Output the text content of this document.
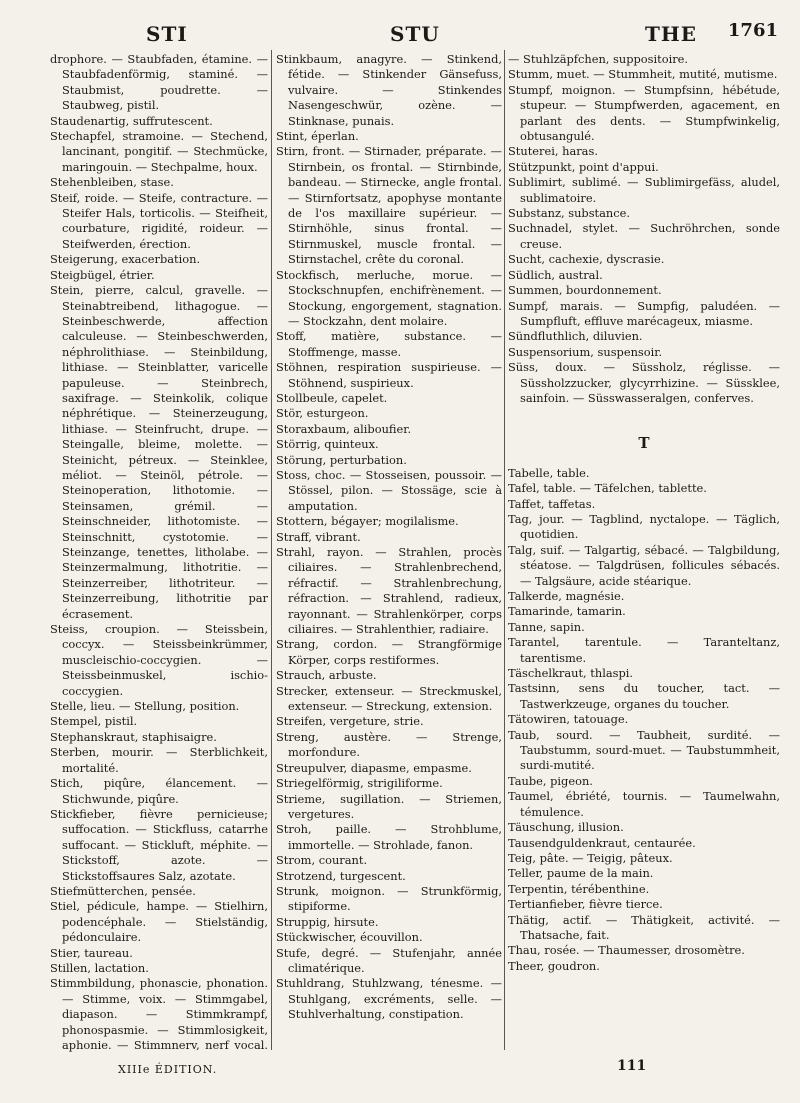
STI	STU	THE 1761

drophore. — Staubfaden, étamine. — Staubfadenförmig, staminé. — Staubmist, poudrette. — Staubweg, pistil.

Staudenartig, suffrutescent.

Stechapfel, stramoine. — Stechend, lancinant, pongitif. — Stechmücke, maringouin. — Stechpalme, houx.

Stehenbleiben, stase.

Steif, roide. — Steife, contracture. — Steifer Hals, torticolis. — Steifheit, courbature, rigidité, roideur. — Steifwerden, érection.

Steigerung, exacerbation.

Steigbügel, étrier.

Stein, pierre, calcul, gravelle. — Steinabtreibend, lithagogue. — Steinbeschwerde, affection calculeuse. — Steinbeschwerden, néphrolithiase. — Steinbildung, lithiase. — Steinblatter, varicelle papuleuse. — Steinbrech, saxifrage. — Steinkolik, colique néphrétique. — Steinerzeugung, lithiase. — Steinfrucht, drupe. — Steingalle, bleime, molette. — Steinicht, pétreux. — Steinklee, méliot. — Steinöl, pétrole. — Steinoperation, lithotomie. — Steinsamen, grémil. — Steinschneider, lithotomiste. — Steinschnitt, cystotomie. — Steinzange, tenettes, litholabe. — Steinzermalmung, lithotritie. — Steinzerreiber, lithotriteur. — Steinzerreibung, lithotritie par écrasement.

Steiss, croupion. — Steissbein, coccyx. — Steissbeinkrümmer, muscleischio-coccygien. — Steissbeinmuskel, ischio-coccygien.

Stelle, lieu. — Stellung, position.

Stempel, pistil.

Stephanskraut, staphisaigre.

Sterben, mourir. — Sterblichkeit, mortalité.

Stich, piqûre, élancement. — Stichwunde, piqûre.

Stickfieber, fièvre pernicieuse; suffocation. — Stickfluss, catarrhe suffocant. — Stickluft, méphite. — Stickstoff, azote. — Stickstoffsaures Salz, azotate.

Stiefmütterchen, pensée.

Stiel, pédicule, hampe. — Stielhirn, podencéphale. — Stielständig, pédonculaire.

Stier, taureau.

Stillen, lactation.

Stimmbildung, phonascie, phonation. — Stimme, voix. — Stimmgabel, diapason. — Stimmkrampf, phonospasmie. — Stimmlosigkeit, aphonie. — Stimmnerv, nerf vocal.

Stinkbaum, anagyre. — Stinkend, fétide. — Stinkender Gänsefuss, vulvaire. — Stinkendes Nasengeschwür, ozène. — Stinknase, punais.

Stint, éperlan.

Stirn, front. — Stirnader, préparate. — Stirnbein, os frontal. — Stirnbinde, bandeau. — Stirnecke, angle frontal. — Stirnfortsatz, apophyse montante de l'os maxillaire supérieur. — Stirnhöhle, sinus frontal. — Stirnmuskel, muscle frontal. — Stirnstachel, crête du coronal.

Stockfisch, merluche, morue. — Stockschnupfen, enchifrènement. — Stockung, engorgement, stagnation. — Stockzahn, dent molaire.

Stoff, matière, substance. — Stoffmenge, masse.

Stöhnen, respiration suspirieuse. — Stöhnend, suspirieux.

Stollbeule, capelet.

Stör, esturgeon.

Storaxbaum, aliboufier.

Störrig, quinteux.

Störung, perturbation.

Stoss, choc. — Stosseisen, poussoir. — Stössel, pilon. — Stossäge, scie à amputation.

Stottern, bégayer; mogilalisme.

Straff, vibrant.

Strahl, rayon. — Strahlen, procès ciliaires. — Strahlenbrechend, réfractif. — Strahlenbrechung, réfraction. — Strahlend, radieux, rayonnant. — Strahlenkörper, corps ciliaires. — Strahlenthier, radiaire.

Strang, cordon. — Strangförmige Körper, corps restiformes.

Strauch, arbuste.

Strecker, extenseur. — Streckmuskel, extenseur. — Streckung, extension.

Streifen, vergeture, strie.

Streng, austère. — Strenge, morfondure.

Streupulver, diapasme, empasme.

Striegelförmig, strigiliforme.

Strieme, sugillation. — Striemen, vergetures.

Stroh, paille. — Strohblume, immortelle. — Strohlade, fanon.

Strom, courant.

Strotzend, turgescent.

Strunk, moignon. — Strunkförmig, stipiforme.

Struppig, hirsute.

Stückwischer, écouvillon.

Stufe, degré. — Stufenjahr, année climatérique.

Stuhldrang, Stuhlzwang, ténesme. — Stuhlgang, excréments, selle. — Stuhlverhaltung, constipation.

— Stuhlzäpfchen, suppositoire.

Stumm, muet. — Stummheit, mutité, mutisme.

Stumpf, moignon. — Stumpfsinn, hébétude, stupeur. — Stumpfwerden, agacement, en parlant des dents. — Stumpfwinkelig, obtusangulé.

Stuterei, haras.

Stützpunkt, point d'appui.

Sublimirt, sublimé. — Sublimirgefäss, aludel, sublimatoire.

Substanz, substance.

Suchnadel, stylet. — Suchröhrchen, sonde creuse.

Sucht, cachexie, dyscrasie.

Südlich, austral.

Summen, bourdonnement.

Sumpf, marais. — Sumpfig, paludéen. — Sumpfluft, effluve marécageux, miasme.

Sündfluthlich, diluvien.

Suspensorium, suspensoir.

Süss, doux. — Süssholz, réglisse. — Süssholzzucker, glycyrrhizine. — Süssklee, sainfoin. — Süsswasseralgen, conferves.

T

Tabelle, table.

Tafel, table. — Täfelchen, tablette.

Taffet, taffetas.

Tag, jour. — Tagblind, nyctalope. — Täglich, quotidien.

Talg, suif. — Talgartig, sébacé. — Talgbildung, stéatose. — Talgdrüsen, follicules sébacés. — Talgsäure, acide stéarique.

Talkerde, magnésie.

Tamarinde, tamarin.

Tanne, sapin.

Tarantel, tarentule. — Taranteltanz, tarentisme.

Täschelkraut, thlaspi.

Tastsinn, sens du toucher, tact. — Tastwerkzeuge, organes du toucher.

Tätowiren, tatouage.

Taub, sourd. — Taubheit, surdité. — Taubstumm, sourd-muet. — Taubstummheit, surdi-mutité.

Taube, pigeon.

Taumel, ébriété, tournis. — Taumelwahn, témulence.

Täuschung, illusion.

Tausendguldenkraut, centaurée.

Teig, pâte. — Teigig, pâteux.

Teller, paume de la main.

Terpentin, térébenthine.

Tertianfieber, fièvre tierce.

Thätig, actif. — Thätigkeit, activité. — Thatsache, fait.

Thau, rosée. — Thaumesser, drosomètre.

Theer, goudron.

XIIIe ÉDITION.	111
